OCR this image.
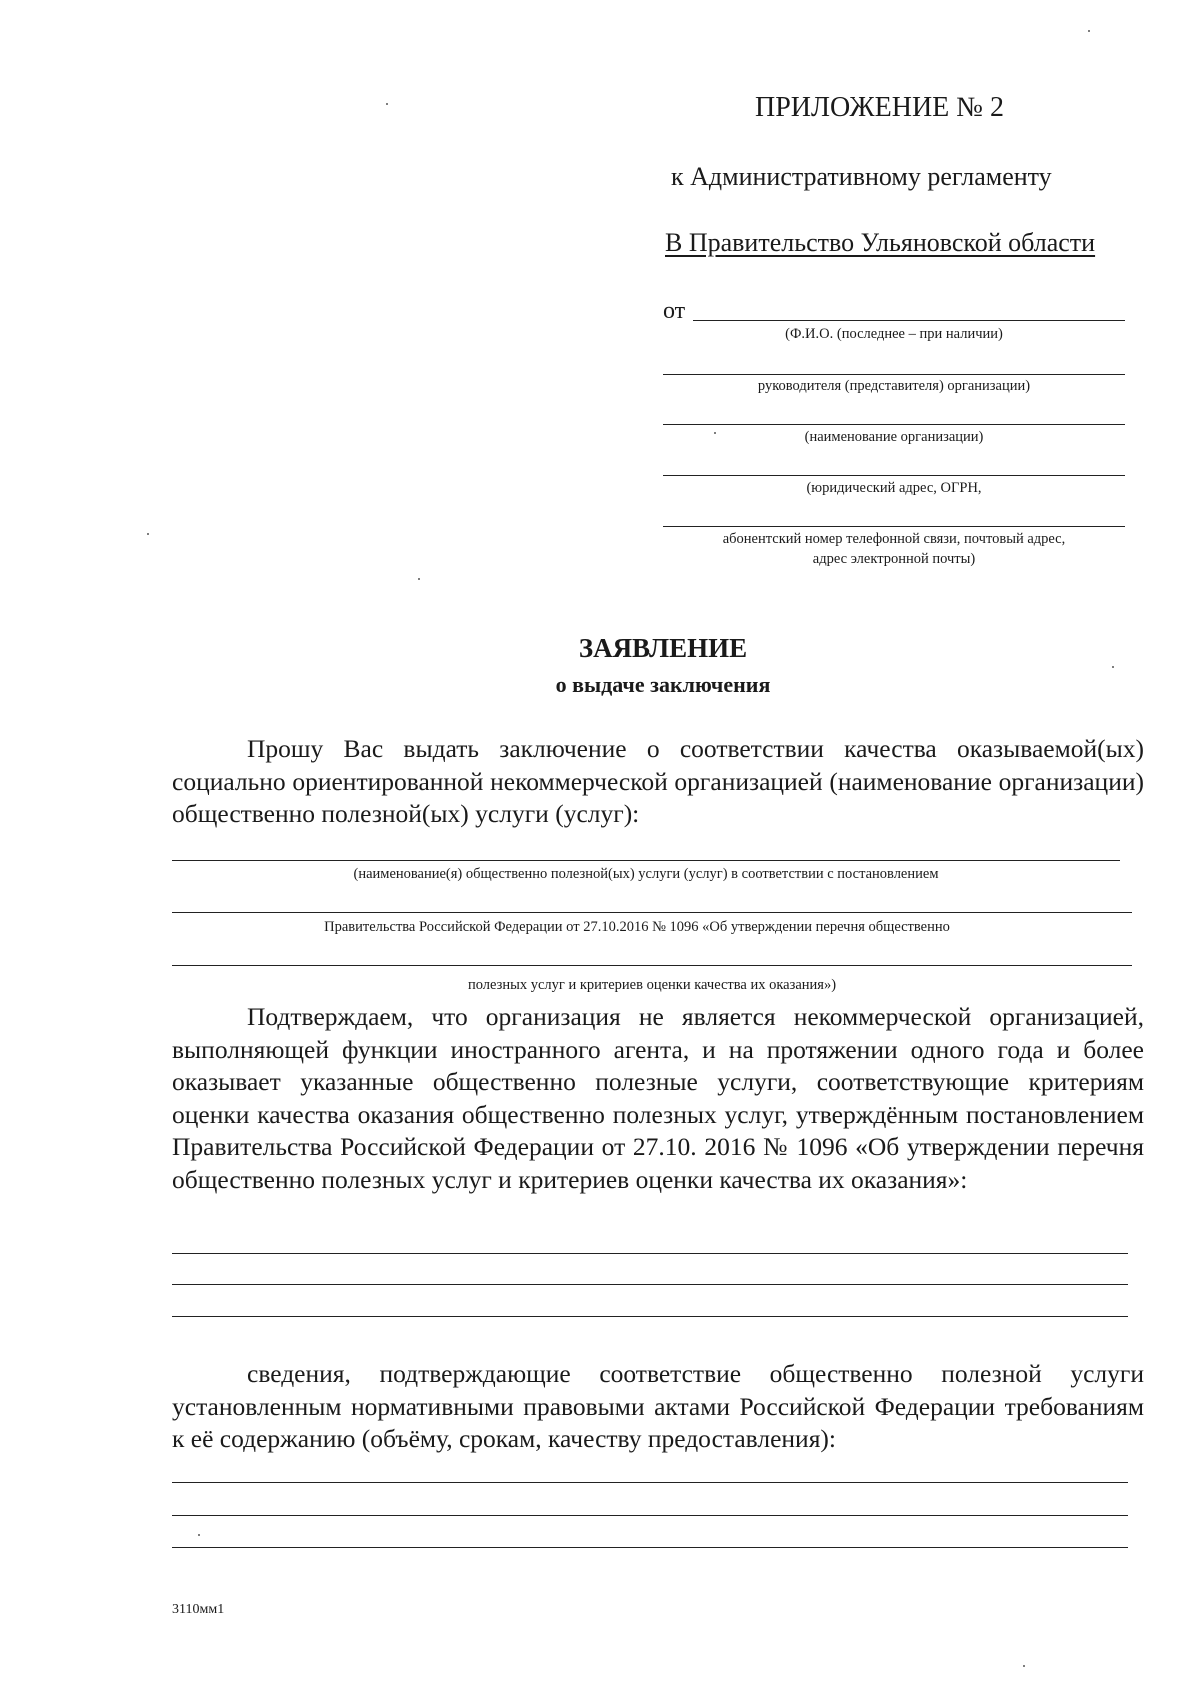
ПРИЛОЖЕНИЕ № 2
к Административному регламенту
В Правительство Ульяновской области
от
(Ф.И.О. (последнее – при наличии)
руководителя (представителя) организации)
(наименование организации)
(юридический адрес, ОГРН,
абонентский номер телефонной связи, почтовый адрес,
адрес электронной почты)
ЗАЯВЛЕНИЕ
о выдаче заключения
Прошу Вас выдать заключение о соответствии качества оказываемой(ых) социально ориентированной некоммерческой организацией (наименование организации) общественно полезной(ых) услуги (услуг):
(наименование(я) общественно полезной(ых) услуги (услуг) в соответствии с постановлением
Правительства Российской Федерации от 27.10.2016 № 1096 «Об утверждении перечня общественно
полезных услуг и критериев оценки качества их оказания»)
Подтверждаем, что организация не является некоммерческой организацией, выполняющей функции иностранного агента, и на протяжении одного года и более оказывает указанные общественно полезные услуги, соответствующие критериям оценки качества оказания общественно полезных услуг, утверждённым постановлением Правительства Российской Федерации от 27.10. 2016 № 1096 «Об утверждении перечня общественно полезных услуг и критериев оценки качества их оказания»:
сведения, подтверждающие соответствие общественно полезной услуги установленным нормативными правовыми актами Российской Федерации требованиям к её содержанию (объёму, срокам, качеству предоставления):
3110мм1
